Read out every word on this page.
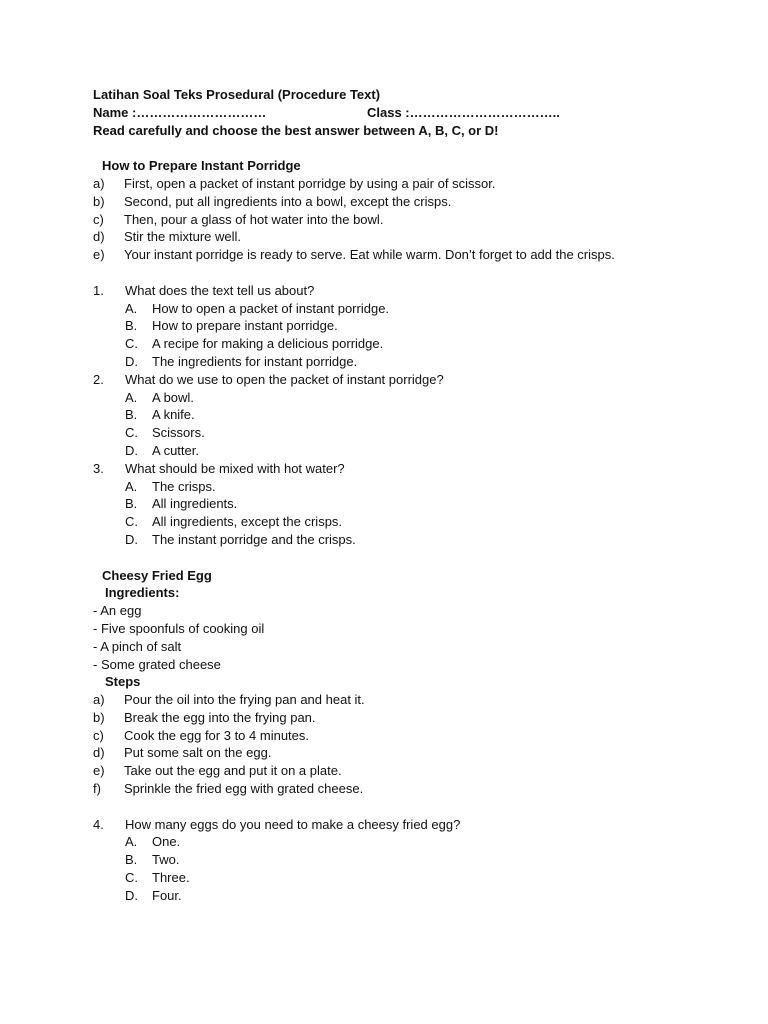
Latihan Soal Teks Prosedural (Procedure Text)
Name :…………………………	Class :……………………………..
Read carefully and choose the best answer between A, B, C, or D!
How to Prepare Instant Porridge
a) First, open a packet of instant porridge by using a pair of scissor.
b) Second, put all ingredients into a bowl, except the crisps.
c) Then, pour a glass of hot water into the bowl.
d) Stir the mixture well.
e) Your instant porridge is ready to serve. Eat while warm. Don’t forget to add the crisps.
1. What does the text tell us about?
A. How to open a packet of instant porridge.
B. How to prepare instant porridge.
C. A recipe for making a delicious porridge.
D. The ingredients for instant porridge.
2. What do we use to open the packet of instant porridge?
A. A bowl.
B. A knife.
C. Scissors.
D. A cutter.
3. What should be mixed with hot water?
A. The crisps.
B. All ingredients.
C. All ingredients, except the crisps.
D. The instant porridge and the crisps.
Cheesy Fried Egg
Ingredients:
- An egg
- Five spoonfuls of cooking oil
- A pinch of salt
- Some grated cheese
Steps
a) Pour the oil into the frying pan and heat it.
b) Break the egg into the frying pan.
c) Cook the egg for 3 to 4 minutes.
d) Put some salt on the egg.
e) Take out the egg and put it on a plate.
f) Sprinkle the fried egg with grated cheese.
4. How many eggs do you need to make a cheesy fried egg?
A. One.
B. Two.
C. Three.
D. Four.
